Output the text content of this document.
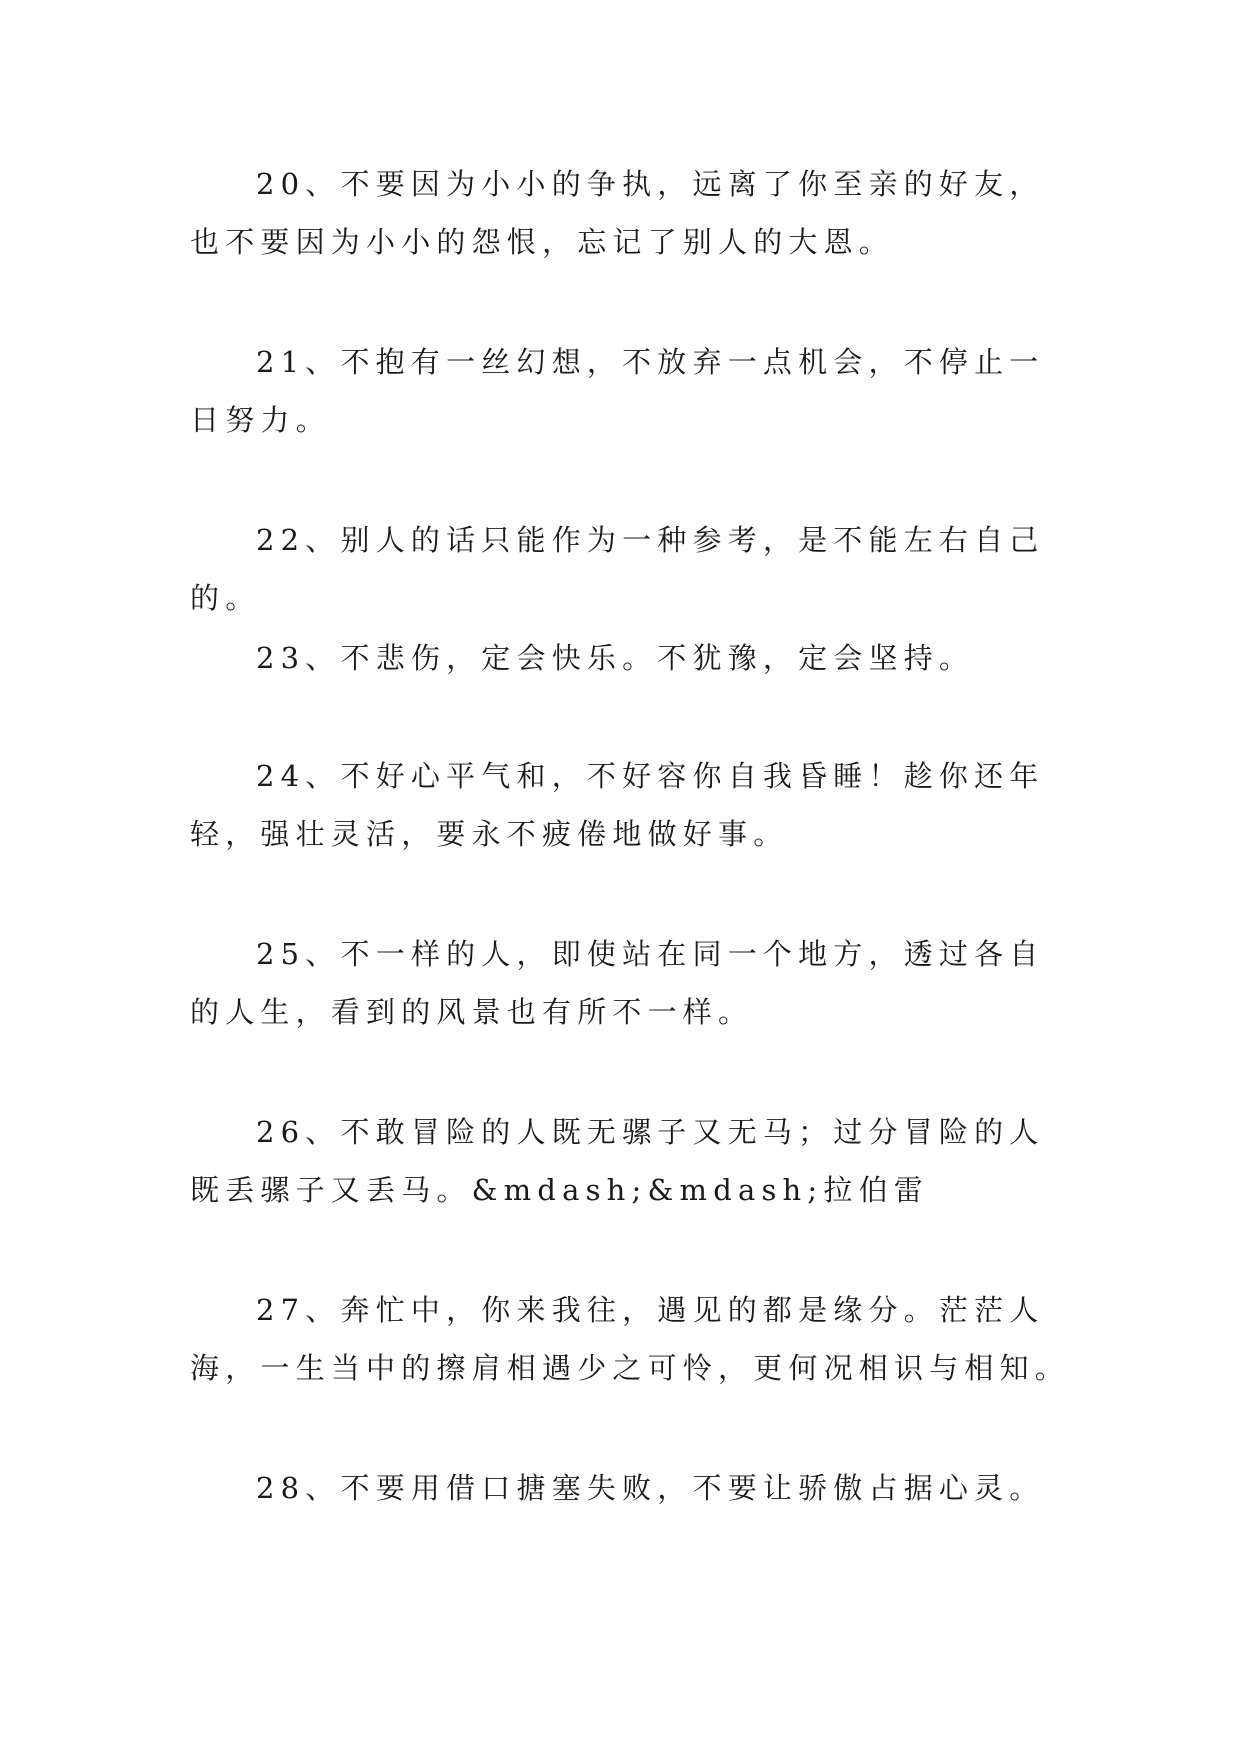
20、不要因为小小的争执，远离了你至亲的好友，也不要因为小小的怨恨，忘记了别人的大恩。

21、不抱有一丝幻想，不放弃一点机会，不停止一日努力。

22、别人的话只能作为一种参考，是不能左右自己的。

23、不悲伤，定会快乐。不犹豫，定会坚持。

24、不好心平气和，不好容你自我昏睡！趁你还年轻，强壮灵活，要永不疲倦地做好事。

25、不一样的人，即使站在同一个地方，透过各自的人生，看到的风景也有所不一样。

26、不敢冒险的人既无骡子又无马；过分冒险的人既丢骡子又丢马。&mdash;&mdash;拉伯雷

27、奔忙中，你来我往，遇见的都是缘分。茫茫人海，一生当中的擦肩相遇少之可怜，更何况相识与相知。

28、不要用借口搪塞失败，不要让骄傲占据心灵。
